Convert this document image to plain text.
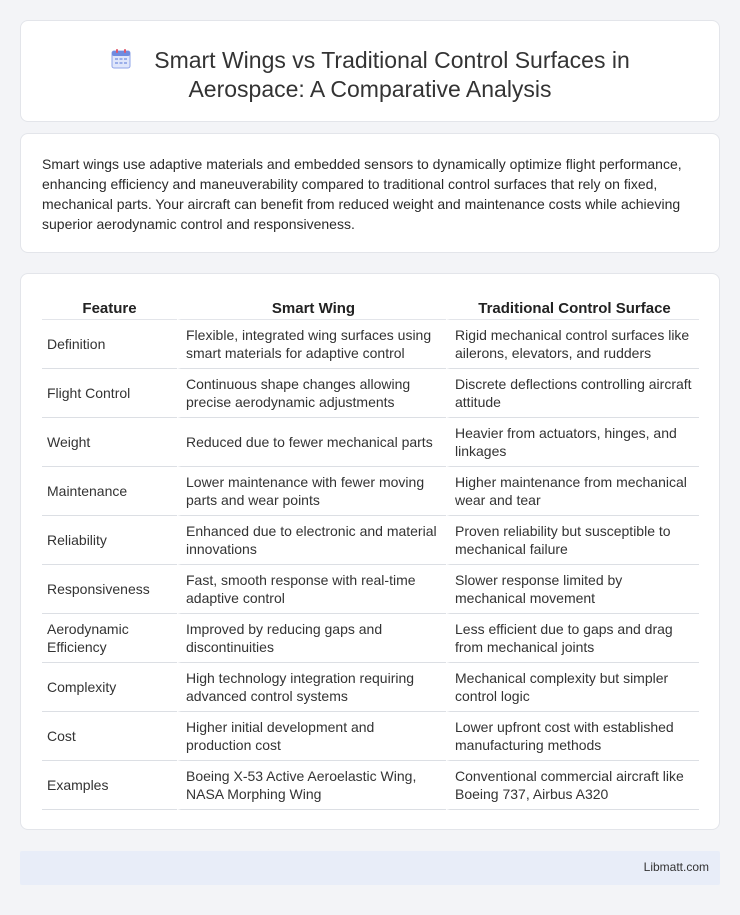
Smart Wings vs Traditional Control Surfaces in
Aerospace: A Comparative Analysis

Smart wings use adaptive materials and embedded sensors to dynamically optimize flight performance, enhancing efficiency and maneuverability compared to traditional control surfaces that rely on fixed, mechanical parts. Your aircraft can benefit from reduced weight and maintenance costs while achieving superior aerodynamic control and responsiveness.

Feature	Smart Wing	Traditional Control Surface
Definition	Flexible, integrated wing surfaces using smart materials for adaptive control	Rigid mechanical control surfaces like ailerons, elevators, and rudders
Flight Control	Continuous shape changes allowing precise aerodynamic adjustments	Discrete deflections controlling aircraft attitude
Weight	Reduced due to fewer mechanical parts	Heavier from actuators, hinges, and linkages
Maintenance	Lower maintenance with fewer moving parts and wear points	Higher maintenance from mechanical wear and tear
Reliability	Enhanced due to electronic and material innovations	Proven reliability but susceptible to mechanical failure
Responsiveness	Fast, smooth response with real-time adaptive control	Slower response limited by mechanical movement
Aerodynamic Efficiency	Improved by reducing gaps and discontinuities	Less efficient due to gaps and drag from mechanical joints
Complexity	High technology integration requiring advanced control systems	Mechanical complexity but simpler control logic
Cost	Higher initial development and production cost	Lower upfront cost with established manufacturing methods
Examples	Boeing X-53 Active Aeroelastic Wing, NASA Morphing Wing	Conventional commercial aircraft like Boeing 737, Airbus A320
Libmatt.com
